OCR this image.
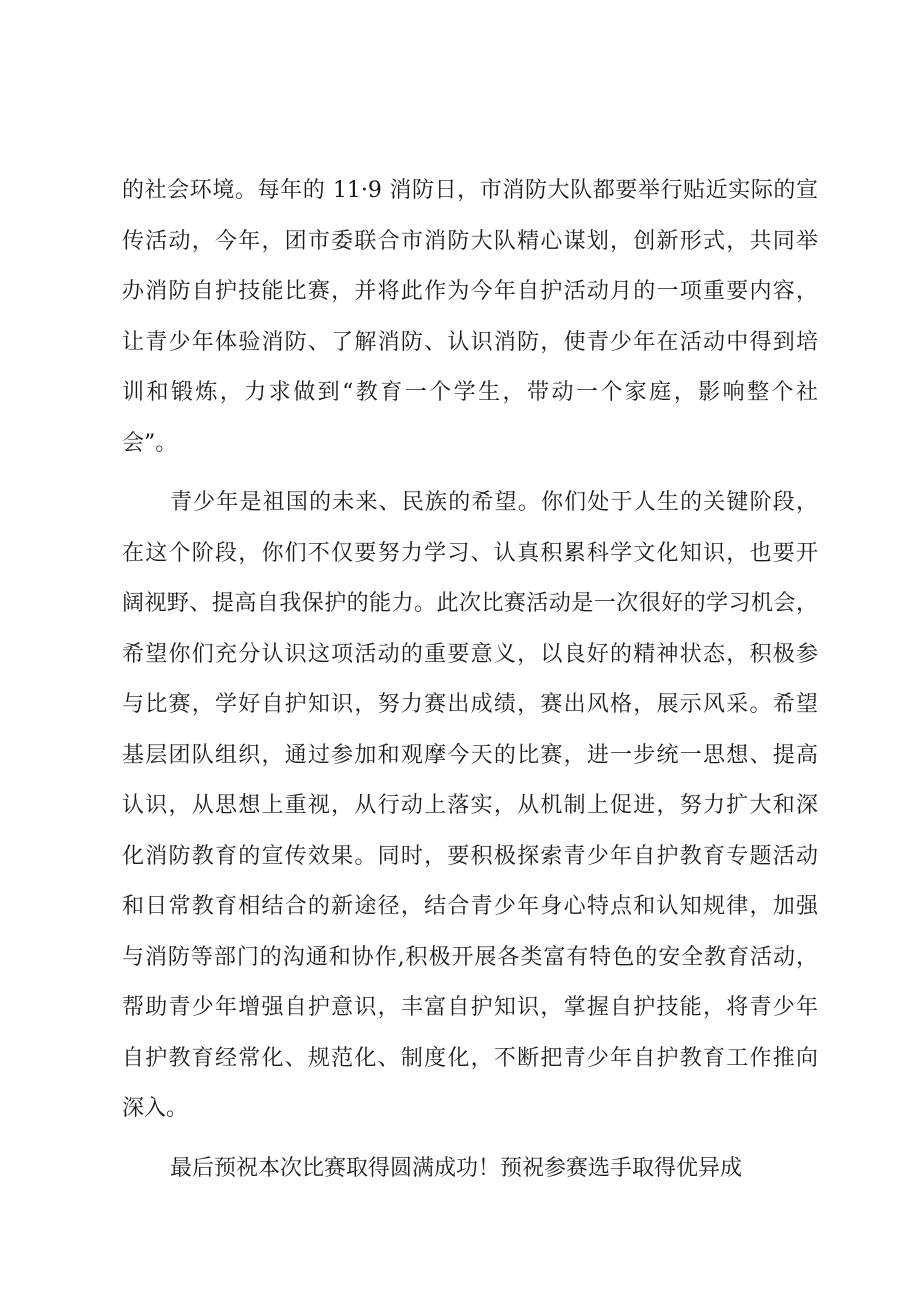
的社会环境。每年的 11·9 消防日，市消防大队都要举行贴近实际的宣
传活动，今年，团市委联合市消防大队精心谋划，创新形式，共同举
办消防自护技能比赛，并将此作为今年自护活动月的一项重要内容，
让青少年体验消防、了解消防、认识消防，使青少年在活动中得到培
训和锻炼，力求做到“教育一个学生，带动一个家庭，影响整个社
会”。
青少年是祖国的未来、民族的希望。你们处于人生的关键阶段，
在这个阶段，你们不仅要努力学习、认真积累科学文化知识，也要开
阔视野、提高自我保护的能力。此次比赛活动是一次很好的学习机会，
希望你们充分认识这项活动的重要意义，以良好的精神状态，积极参
与比赛，学好自护知识，努力赛出成绩，赛出风格，展示风采。希望
基层团队组织，通过参加和观摩今天的比赛，进一步统一思想、提高
认识，从思想上重视，从行动上落实，从机制上促进，努力扩大和深
化消防教育的宣传效果。同时，要积极探索青少年自护教育专题活动
和日常教育相结合的新途径，结合青少年身心特点和认知规律，加强
与消防等部门的沟通和协作,积极开展各类富有特色的安全教育活动，
帮助青少年增强自护意识，丰富自护知识，掌握自护技能，将青少年
自护教育经常化、规范化、制度化，不断把青少年自护教育工作推向
深入。
最后预祝本次比赛取得圆满成功！预祝参赛选手取得优异成
